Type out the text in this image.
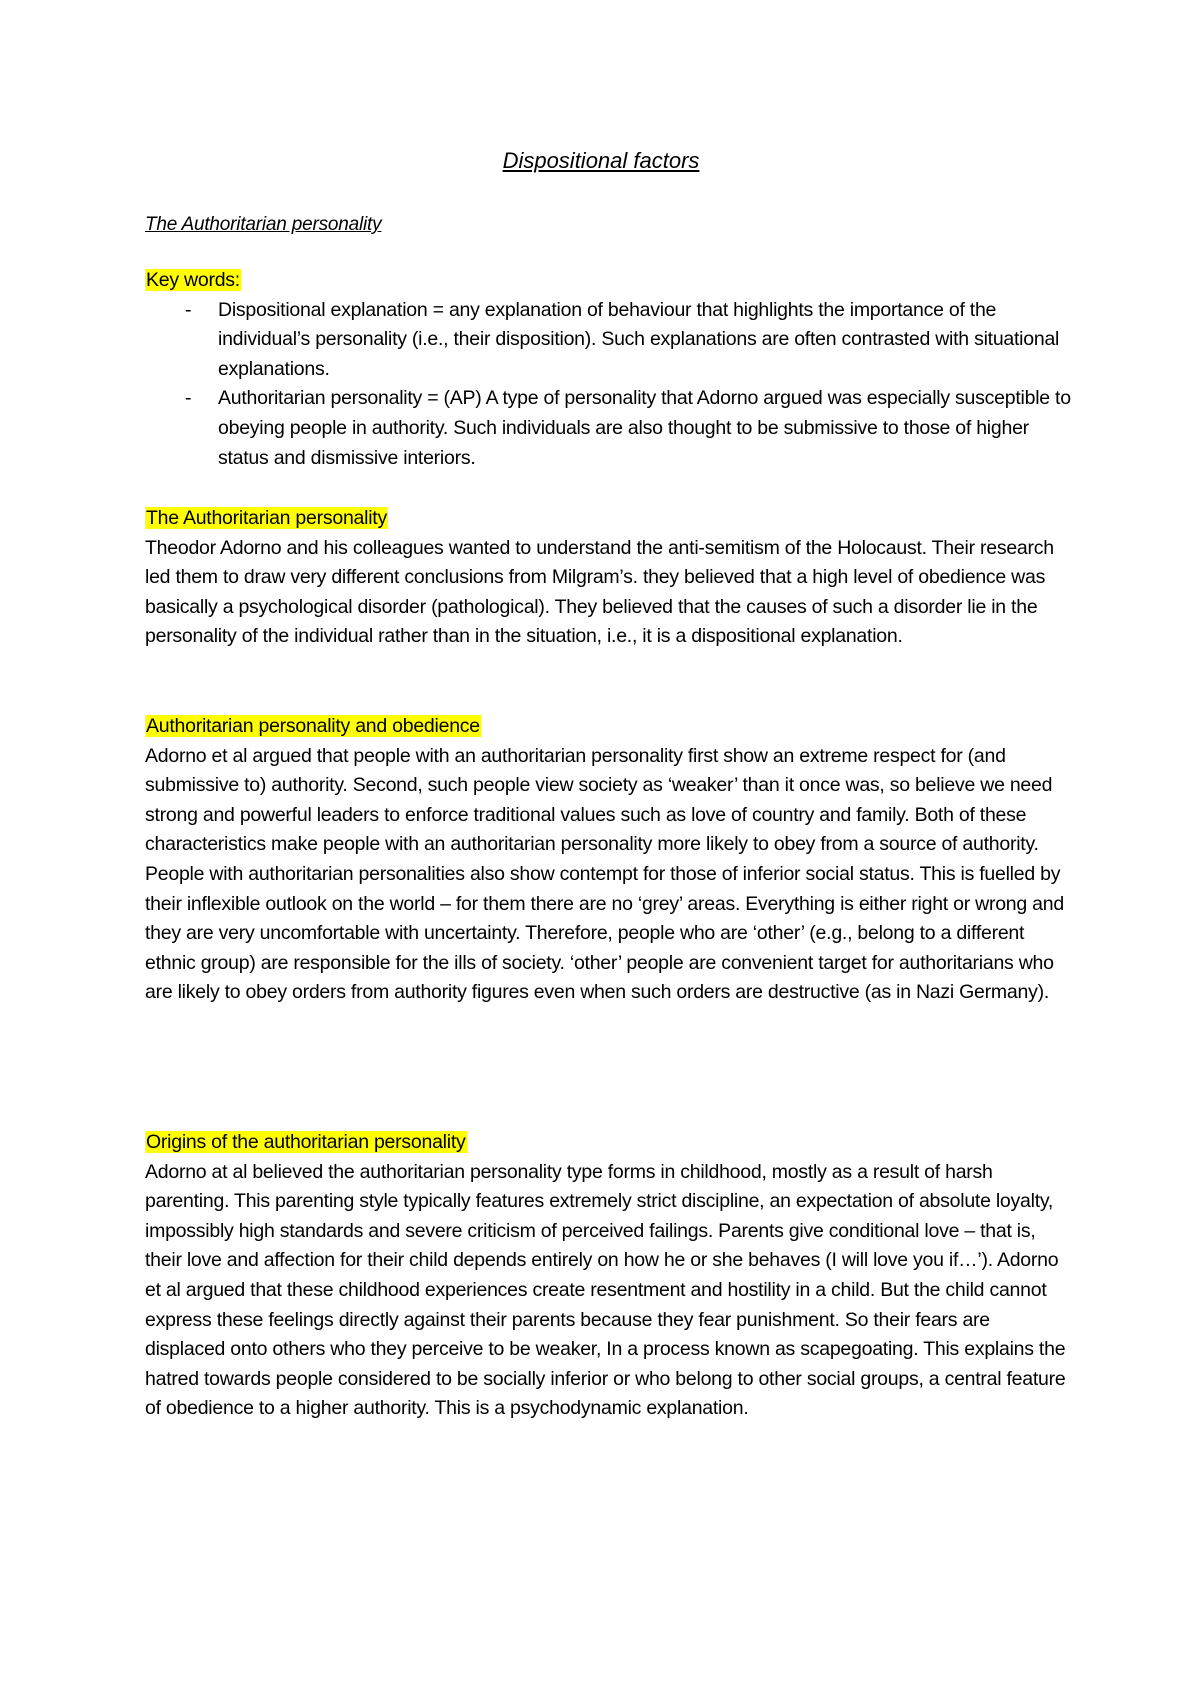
Dispositional factors
The Authoritarian personality
Key words:
- Dispositional explanation = any explanation of behaviour that highlights the importance of the individual’s personality (i.e., their disposition). Such explanations are often contrasted with situational explanations.
- Authoritarian personality = (AP) A type of personality that Adorno argued was especially susceptible to obeying people in authority. Such individuals are also thought to be submissive to those of higher status and dismissive interiors.
The Authoritarian personality

Theodor Adorno and his colleagues wanted to understand the anti-semitism of the Holocaust. Their research led them to draw very different conclusions from Milgram’s. they believed that a high level of obedience was basically a psychological disorder (pathological). They believed that the causes of such a disorder lie in the personality of the individual rather than in the situation, i.e., it is a dispositional explanation.

Authoritarian personality and obedience

Adorno et al argued that people with an authoritarian personality first show an extreme respect for (and submissive to) authority. Second, such people view society as ‘weaker’ than it once was, so believe we need strong and powerful leaders to enforce traditional values such as love of country and family. Both of these characteristics make people with an authoritarian personality more likely to obey from a source of authority.

People with authoritarian personalities also show contempt for those of inferior social status. This is fuelled by their inflexible outlook on the world – for them there are no ‘grey’ areas. Everything is either right or wrong and they are very uncomfortable with uncertainty. Therefore, people who are ‘other’ (e.g., belong to a different ethnic group) are responsible for the ills of society. ‘other’ people are convenient target for authoritarians who are likely to obey orders from authority figures even when such orders are destructive (as in Nazi Germany).

Origins of the authoritarian personality

Adorno at al believed the authoritarian personality type forms in childhood, mostly as a result of harsh parenting. This parenting style typically features extremely strict discipline, an expectation of absolute loyalty, impossibly high standards and severe criticism of perceived failings. Parents give conditional love – that is, their love and affection for their child depends entirely on how he or she behaves (I will love you if…’). Adorno et al argued that these childhood experiences create resentment and hostility in a child. But the child cannot express these feelings directly against their parents because they fear punishment. So their fears are displaced onto others who they perceive to be weaker, In a process known as scapegoating. This explains the hatred towards people considered to be socially inferior or who belong to other social groups, a central feature of obedience to a higher authority. This is a psychodynamic explanation.
